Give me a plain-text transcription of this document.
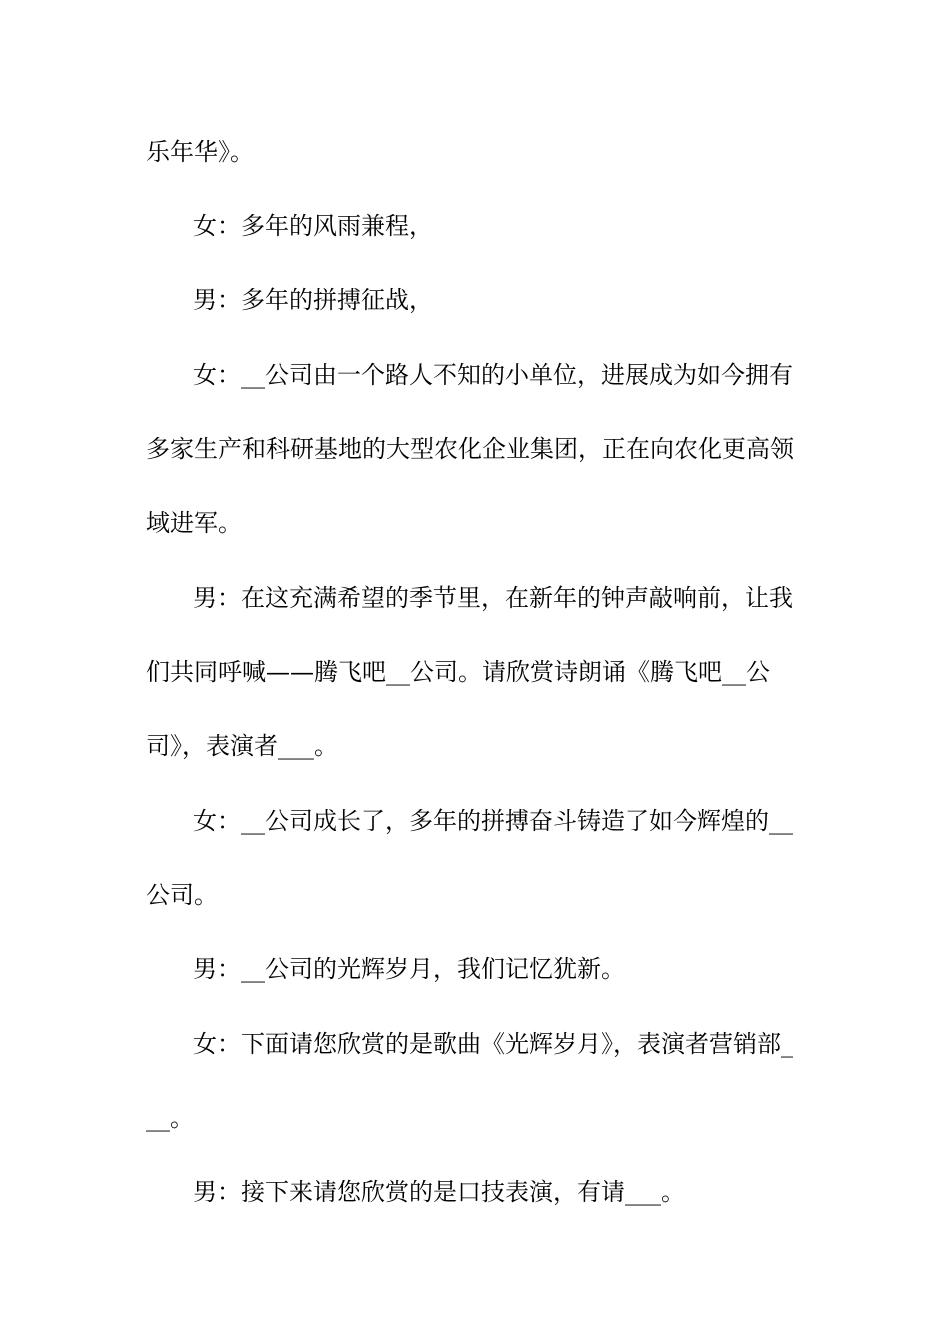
乐年华》。
女：多年的风雨兼程，
男：多年的拼搏征战，
女：__公司由一个路人不知的小单位，进展成为如今拥有
多家生产和科研基地的大型农化企业集团，正在向农化更高领
域进军。
男：在这充满希望的季节里，在新年的钟声敲响前，让我
们共同呼喊——腾飞吧__公司。请欣赏诗朗诵《腾飞吧__公
司》，表演者___。
女：__公司成长了，多年的拼搏奋斗铸造了如今辉煌的__
公司。
男：__公司的光辉岁月，我们记忆犹新。
女：下面请您欣赏的是歌曲《光辉岁月》，表演者营销部_
__。
男：接下来请您欣赏的是口技表演，有请___。
